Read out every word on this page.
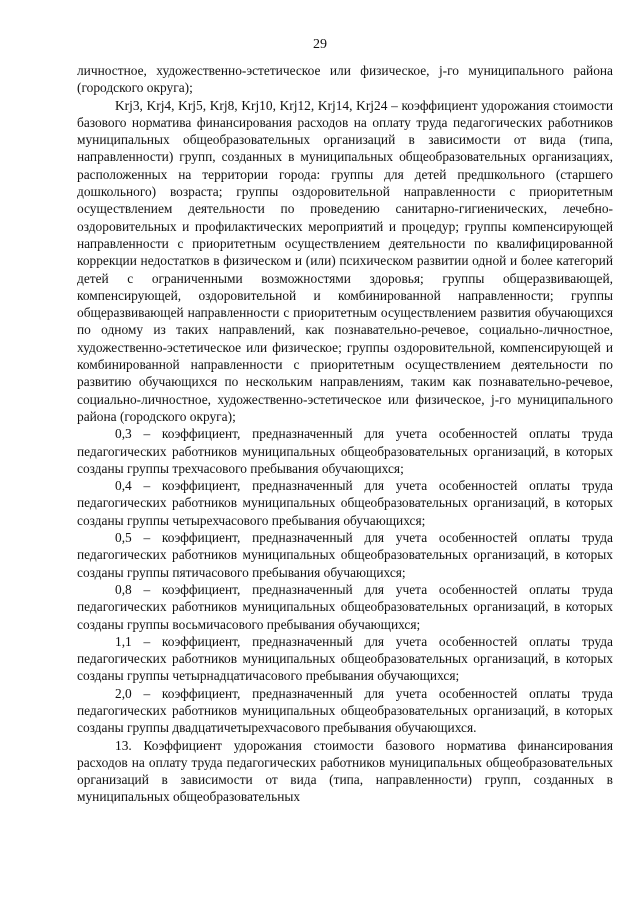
29

личностное, художественно-эстетическое или физическое, j-го муниципального района (городского округа);

Krj3, Krj4, Krj5, Krj8, Krj10, Krj12, Krj14, Krj24 – коэффициент удорожания стоимости базового норматива финансирования расходов на оплату труда педагогических работников муниципальных общеобразовательных организаций в зависимости от вида (типа, направленности) групп, созданных в муниципальных общеобразовательных организациях, расположенных на территории города: группы для детей предшкольного (старшего дошкольного) возраста; группы оздоровительной направленности с приоритетным осуществлением деятельности по проведению санитарно-гигиенических, лечебно-оздоровительных и профилактических мероприятий и процедур; группы компенсирующей направленности с приоритетным осуществлением деятельности по квалифицированной коррекции недостатков в физическом и (или) психическом развитии одной и более категорий детей с ограниченными возможностями здоровья; группы общеразвивающей, компенсирующей, оздоровительной и комбинированной направленности; группы общеразвивающей направленности с приоритетным осуществлением развития обучающихся по одному из таких направлений, как познавательно-речевое, социально-личностное, художественно-эстетическое или физическое; группы оздоровительной, компенсирующей и комбинированной направленности с приоритетным осуществлением деятельности по развитию обучающихся по нескольким направлениям, таким как познавательно-речевое, социально-личностное, художественно-эстетическое или физическое, j-го муниципального района (городского округа);

0,3 – коэффициент, предназначенный для учета особенностей оплаты труда педагогических работников муниципальных общеобразовательных организаций, в которых созданы группы трехчасового пребывания обучающихся;

0,4 – коэффициент, предназначенный для учета особенностей оплаты труда педагогических работников муниципальных общеобразовательных организаций, в которых созданы группы четырехчасового пребывания обучающихся;

0,5 – коэффициент, предназначенный для учета особенностей оплаты труда педагогических работников муниципальных общеобразовательных организаций, в которых созданы группы пятичасового пребывания обучающихся;

0,8 – коэффициент, предназначенный для учета особенностей оплаты труда педагогических работников муниципальных общеобразовательных организаций, в которых созданы группы восьмичасового пребывания обучающихся;

1,1 – коэффициент, предназначенный для учета особенностей оплаты труда педагогических работников муниципальных общеобразовательных организаций, в которых созданы группы четырнадцатичасового пребывания обучающихся;

2,0 – коэффициент, предназначенный для учета особенностей оплаты труда педагогических работников муниципальных общеобразовательных организаций, в которых созданы группы двадцатичетырехчасового пребывания обучающихся.

13. Коэффициент удорожания стоимости базового норматива финансирования расходов на оплату труда педагогических работников муниципальных общеобразовательных организаций в зависимости от вида (типа, направленности) групп, созданных в муниципальных общеобразовательных
